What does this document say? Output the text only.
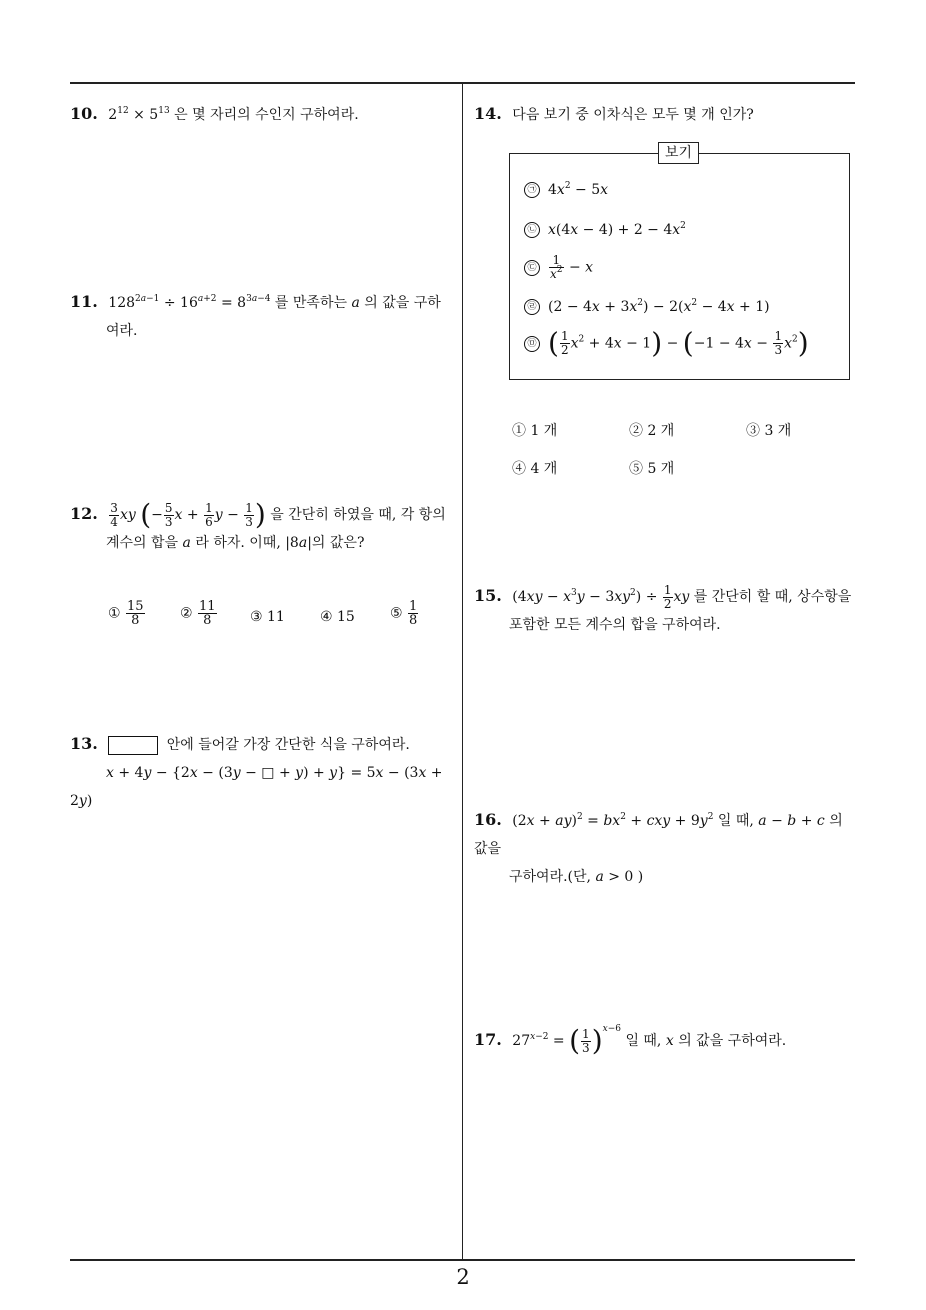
10. $2^{12} \times 5^{13}$ 은 몇 자리의 수인지 구하여라.
11. $128^{2a-1} \div 16^{a+2} = 8^{3a-4}$ 를 만족하는 a 의 값을 구하
여라.
12. $\frac{3}{4}$ xy (− $\frac{5}{3}$ $x + \frac{1}{6}$ $y - \frac{1}{3}$ ) 을 간단히 하였을 때, 각 항의
계수의 합을 a 라 하자. 이때, |8a|의 값은?
① $\frac{15}{8}$	② $\frac{11}{8}$ ③ 11	④ 15	⑤ $\frac{1}{8}$
13.	안에 들어갈 가장 간단한 식을 구하여라.
x + 4y − {2x − (3y − □ + y) + y} = 5x − (3x + 2y)
14. 다음 보기 중 이차식은 모두 몇 개 인가?
㉠ $4x^2 - 5x$
㉡ $x(4x - 4) + 2 - 4x^2$
㉢ $\frac{1}{x^2} - x$
㉣ $(2 - 4x + 3x^2) - 2(x^2 - 4x + 1)$
㉤ ( $\frac{1}{2} x^2 + 4x - 1) - (-1 - 4x - \frac{1}{3} x^2)$
보기
① 1 개	② 2 개	③ 3 개
④ 4 개	⑤ 5 개
15. $(4xy - x^3y - 3xy^2) \div \frac{1}{2}$ xy 를 간단히 할 때, 상수항을
포함한 모든 계수의 합을 구하여라.
16. $(2x + ay)^2 = bx^2$ + cxy + $9y^2$ 일 때, a − b + c 의 값을
구하여라.(단, a > 0 )
17. $27^{x-2}$ = ( $\frac{1}{3} )^{x-6}$ 일 때, x 의 값을 구하여라.
2
